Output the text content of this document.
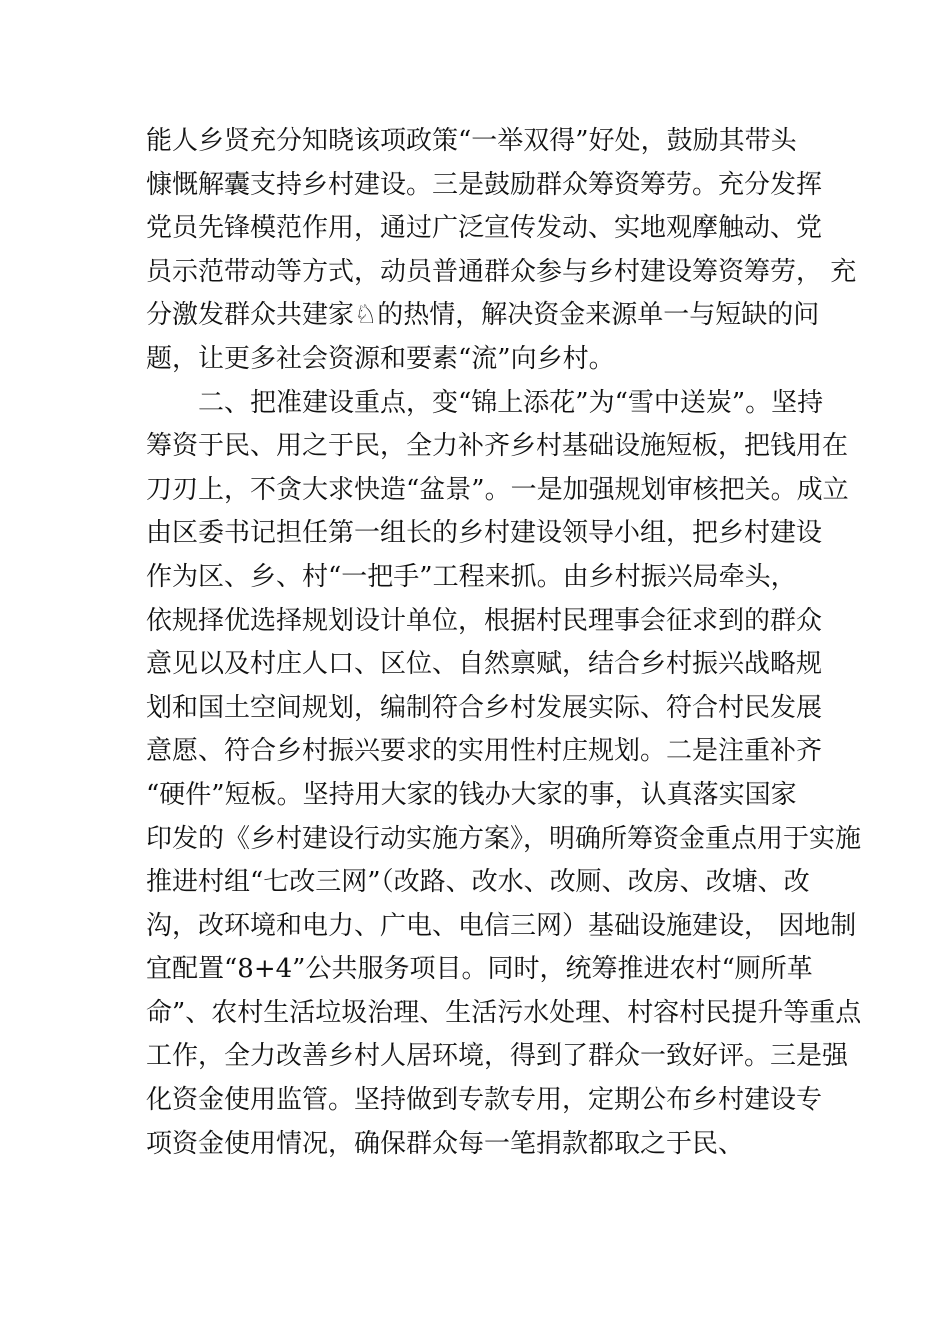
能人乡贤充分知晓该项政策“一举双得”好处，鼓励其带头
慷慨解囊支持乡村建设。三是鼓励群众筹资筹劳。充分发挥
党员先锋模范作用，通过广泛宣传发动、实地观摩触动、党
员示范带动等方式，动员普通群众参与乡村建设筹资筹劳， 充
分激发群众共建家♘的热情，解决资金来源单一与短缺的问
题，让更多社会资源和要素“流”向乡村。
二、把准建设重点，变“锦上添花”为“雪中送炭”。坚持
筹资于民、用之于民，全力补齐乡村基础设施短板，把钱用在
刀刃上，不贪大求快造“盆景”。一是加强规划审核把关。成立
由区委书记担任第一组长的乡村建设领导小组，把乡村建设
作为区、乡、村“一把手”工程来抓。由乡村振兴局牵头，
依规择优选择规划设计单位，根据村民理事会征求到的群众
意见以及村庄人口、区位、自然禀赋，结合乡村振兴战略规
划和国土空间规划，编制符合乡村发展实际、符合村民发展
意愿、符合乡村振兴要求的实用性村庄规划。二是注重补齐
“硬件”短板。坚持用大家的钱办大家的事，认真落实国家
印发的《乡村建设行动实施方案》，明确所筹资金重点用于实施
推进村组“七改三网”（改路、改水、改厕、改房、改塘、改
沟，改环境和电力、广电、电信三网）基础设施建设， 因地制
宜配置“8+4”公共服务项目。同时，统筹推进农村“厕所革
命”、农村生活垃圾治理、生活污水处理、村容村民提升等重点
工作，全力改善乡村人居环境，得到了群众一致好评。三是强
化资金使用监管。坚持做到专款专用，定期公布乡村建设专
项资金使用情况，确保群众每一笔捐款都取之于民、
